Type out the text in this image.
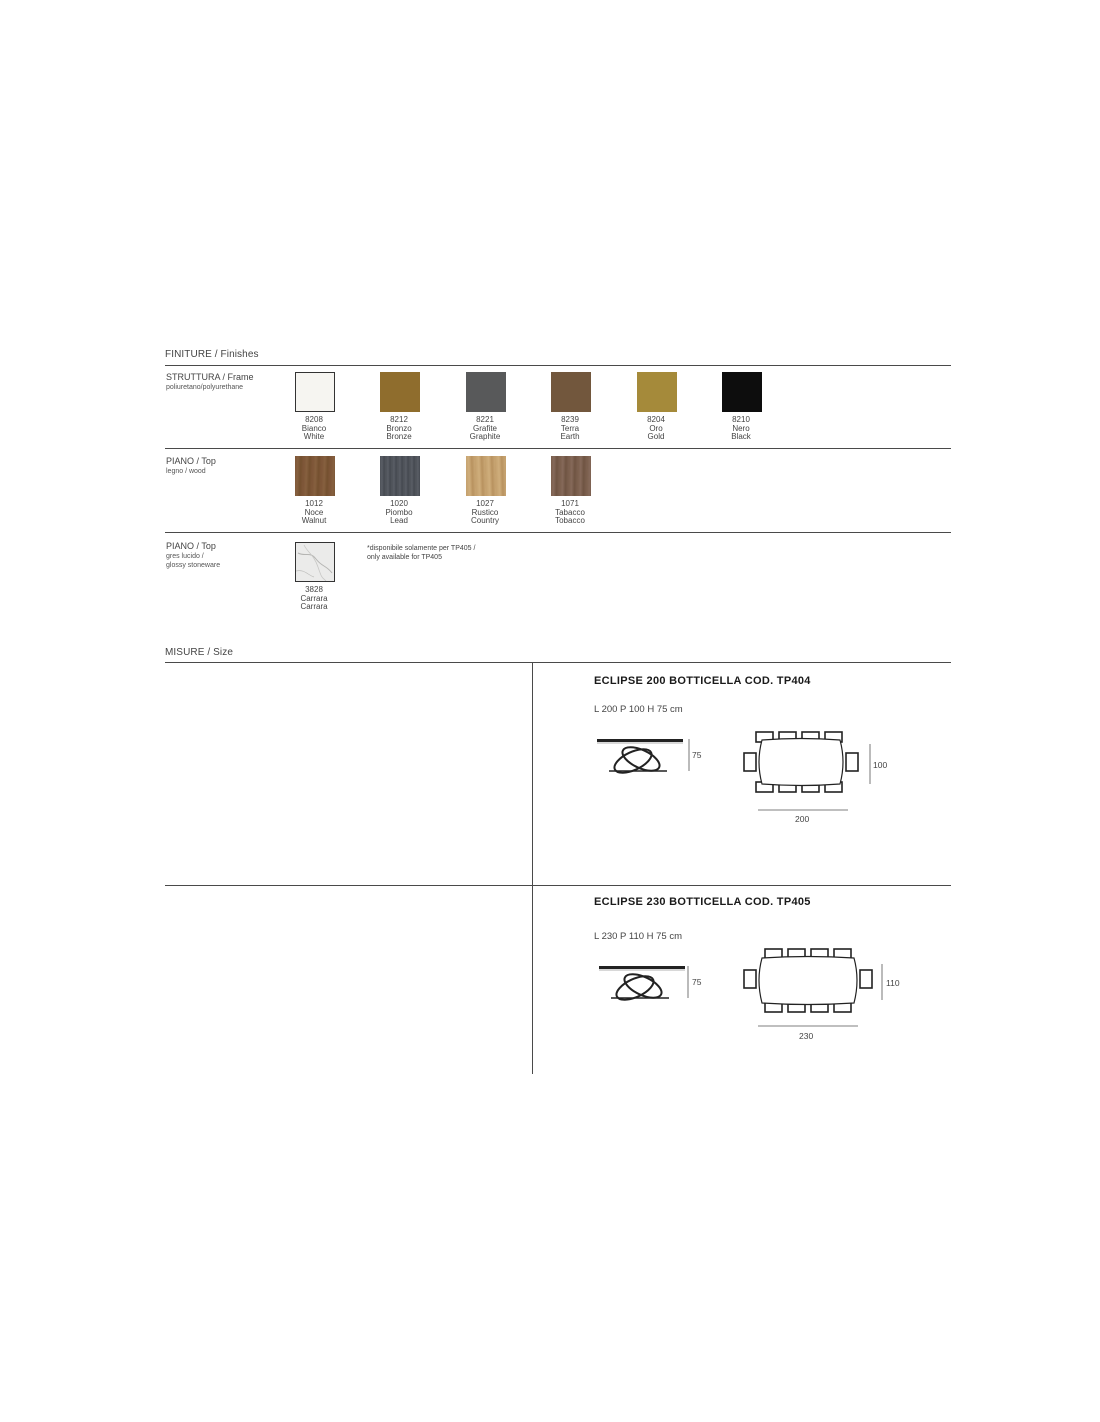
FINITURE / Finishes
STRUTTURA / Frame
poliuretano/polyurethane
8208
Bianco
White
8212
Bronzo
Bronze
8221
Grafite
Graphite
8239
Terra
Earth
8204
Oro
Gold
8210
Nero
Black
PIANO / Top
legno / wood
1012
Noce
Walnut
1020
Piombo
Lead
1027
Rustico
Country
1071
Tabacco
Tobacco
PIANO / Top
gres lucido /
glossy stoneware
3828
Carrara
Carrara
*disponibile solamente per TP405 / only available for TP405
MISURE / Size
ECLIPSE 200 BOTTICELLA COD. TP404
L 200 P 100 H 75 cm
75
100
200
ECLIPSE 230 BOTTICELLA COD. TP405
L 230 P 110 H 75 cm
75	110
230
